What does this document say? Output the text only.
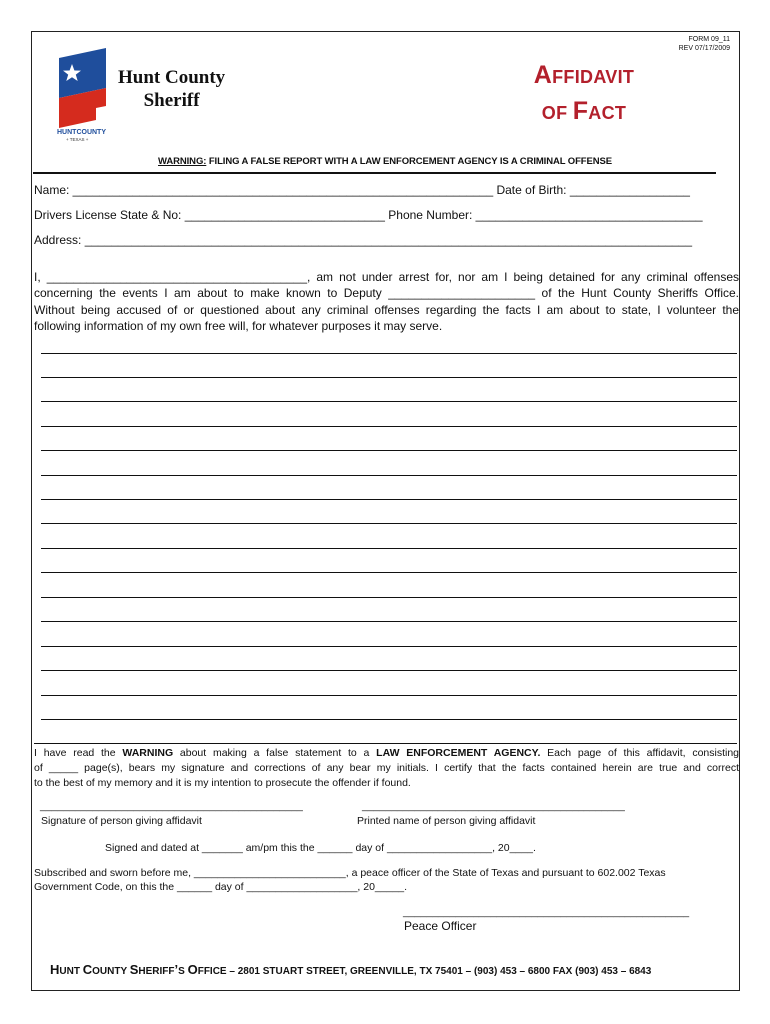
FORM 09_11
REV 07/17/2009
HUNTCOUNTY
+ TEXAS +
Hunt County
Sheriff
AFFIDAVIT
OF FACT
WARNING: FILING A FALSE REPORT WITH A LAW ENFORCEMENT AGENCY IS A CRIMINAL OFFENSE
Name: _______________________________________________________________ Date of Birth: __________________
Drivers License State & No: ______________________________ Phone Number: __________________________________
Address: ___________________________________________________________________________________________
I, _______________________________________, am not under arrest for, nor am I being detained for any criminal offenses
concerning the events I am about to make known to Deputy ______________________ of the Hunt County Sheriffs Office.
Without being accused of or questioned about any criminal offenses regarding the facts I am about to state, I volunteer the
following information of my own free will, for whatever purposes it may serve.
I have read the WARNING about making a false statement to a LAW ENFORCEMENT AGENCY. Each page of this affidavit, consisting
of _____ page(s), bears my signature and corrections of any bear my initials. I certify that the facts contained herein are true and correct
to the best of my memory and it is my intention to prosecute the offender if found.
_____________________________________________	_____________________________________________
Signature of person giving affidavit	Printed name of person giving affidavit
Signed and dated at _______ am/pm this the ______ day of __________________, 20____.
Subscribed and sworn before me, __________________________, a peace officer of the State of Texas and pursuant to 602.002 Texas
Government Code, on this the ______ day of ___________________, 20_____.
_________________________________________________
Peace Officer
HUNT COUNTY SHERIFF’S OFFICE – 2801 STUART STREET, GREENVILLE, TX 75401 – (903) 453 – 6800 FAX (903) 453 – 6843
